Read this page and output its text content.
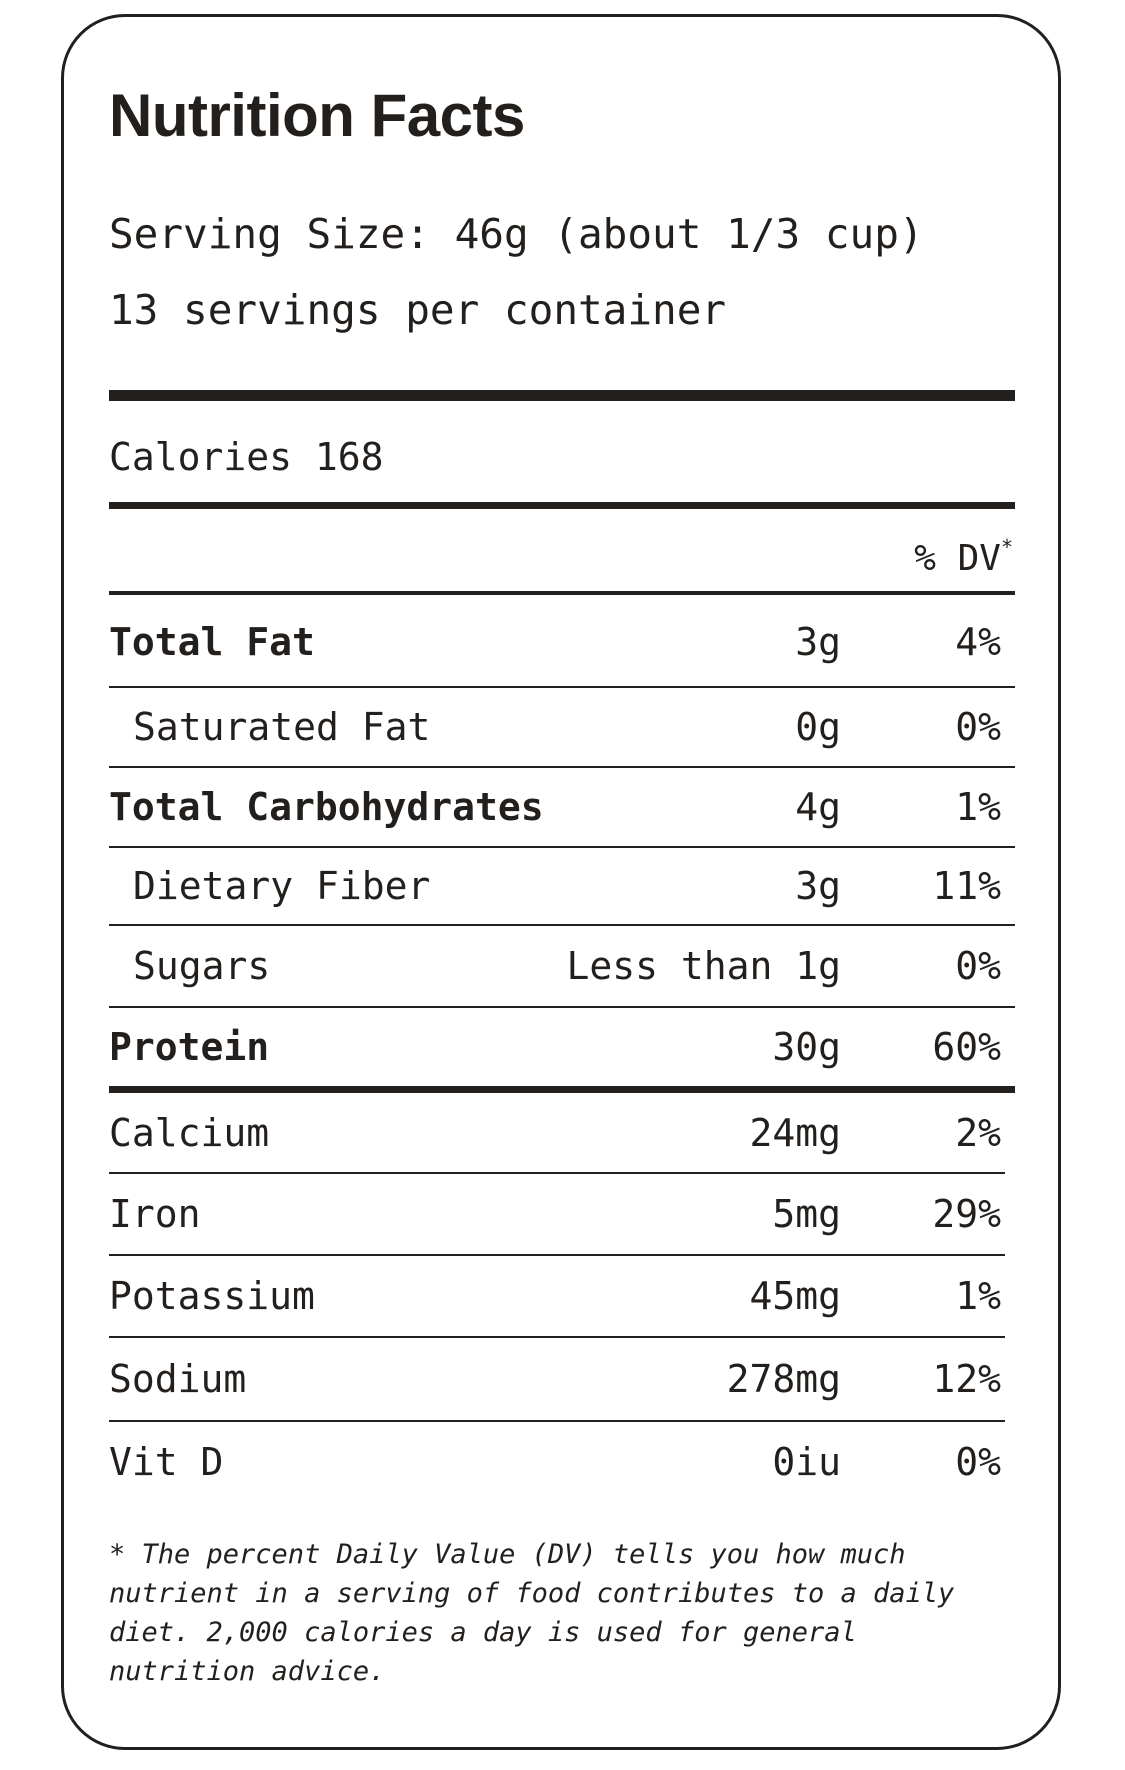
Nutrition Facts
Serving Size: 46g (about 1/3 cup)
13 servings per container
Calories 168
% DV*
Total Fat	3g	4%
Saturated Fat	0g	0%
Total Carbohydrates	4g	1%
Dietary Fiber	3g 11%
Sugars	Less than 1g	0%
Protein	30g 60%
Calcium	24mg	2%
Iron	5mg 29%
Potassium	45mg	1%
Sodium	278mg 12%
Vit D	0iu	0%

* The percent Daily Value (DV) tells you how much nutrient in a serving of food contributes to a daily diet. 2,000 calories a day is used for general nutrition advice.
